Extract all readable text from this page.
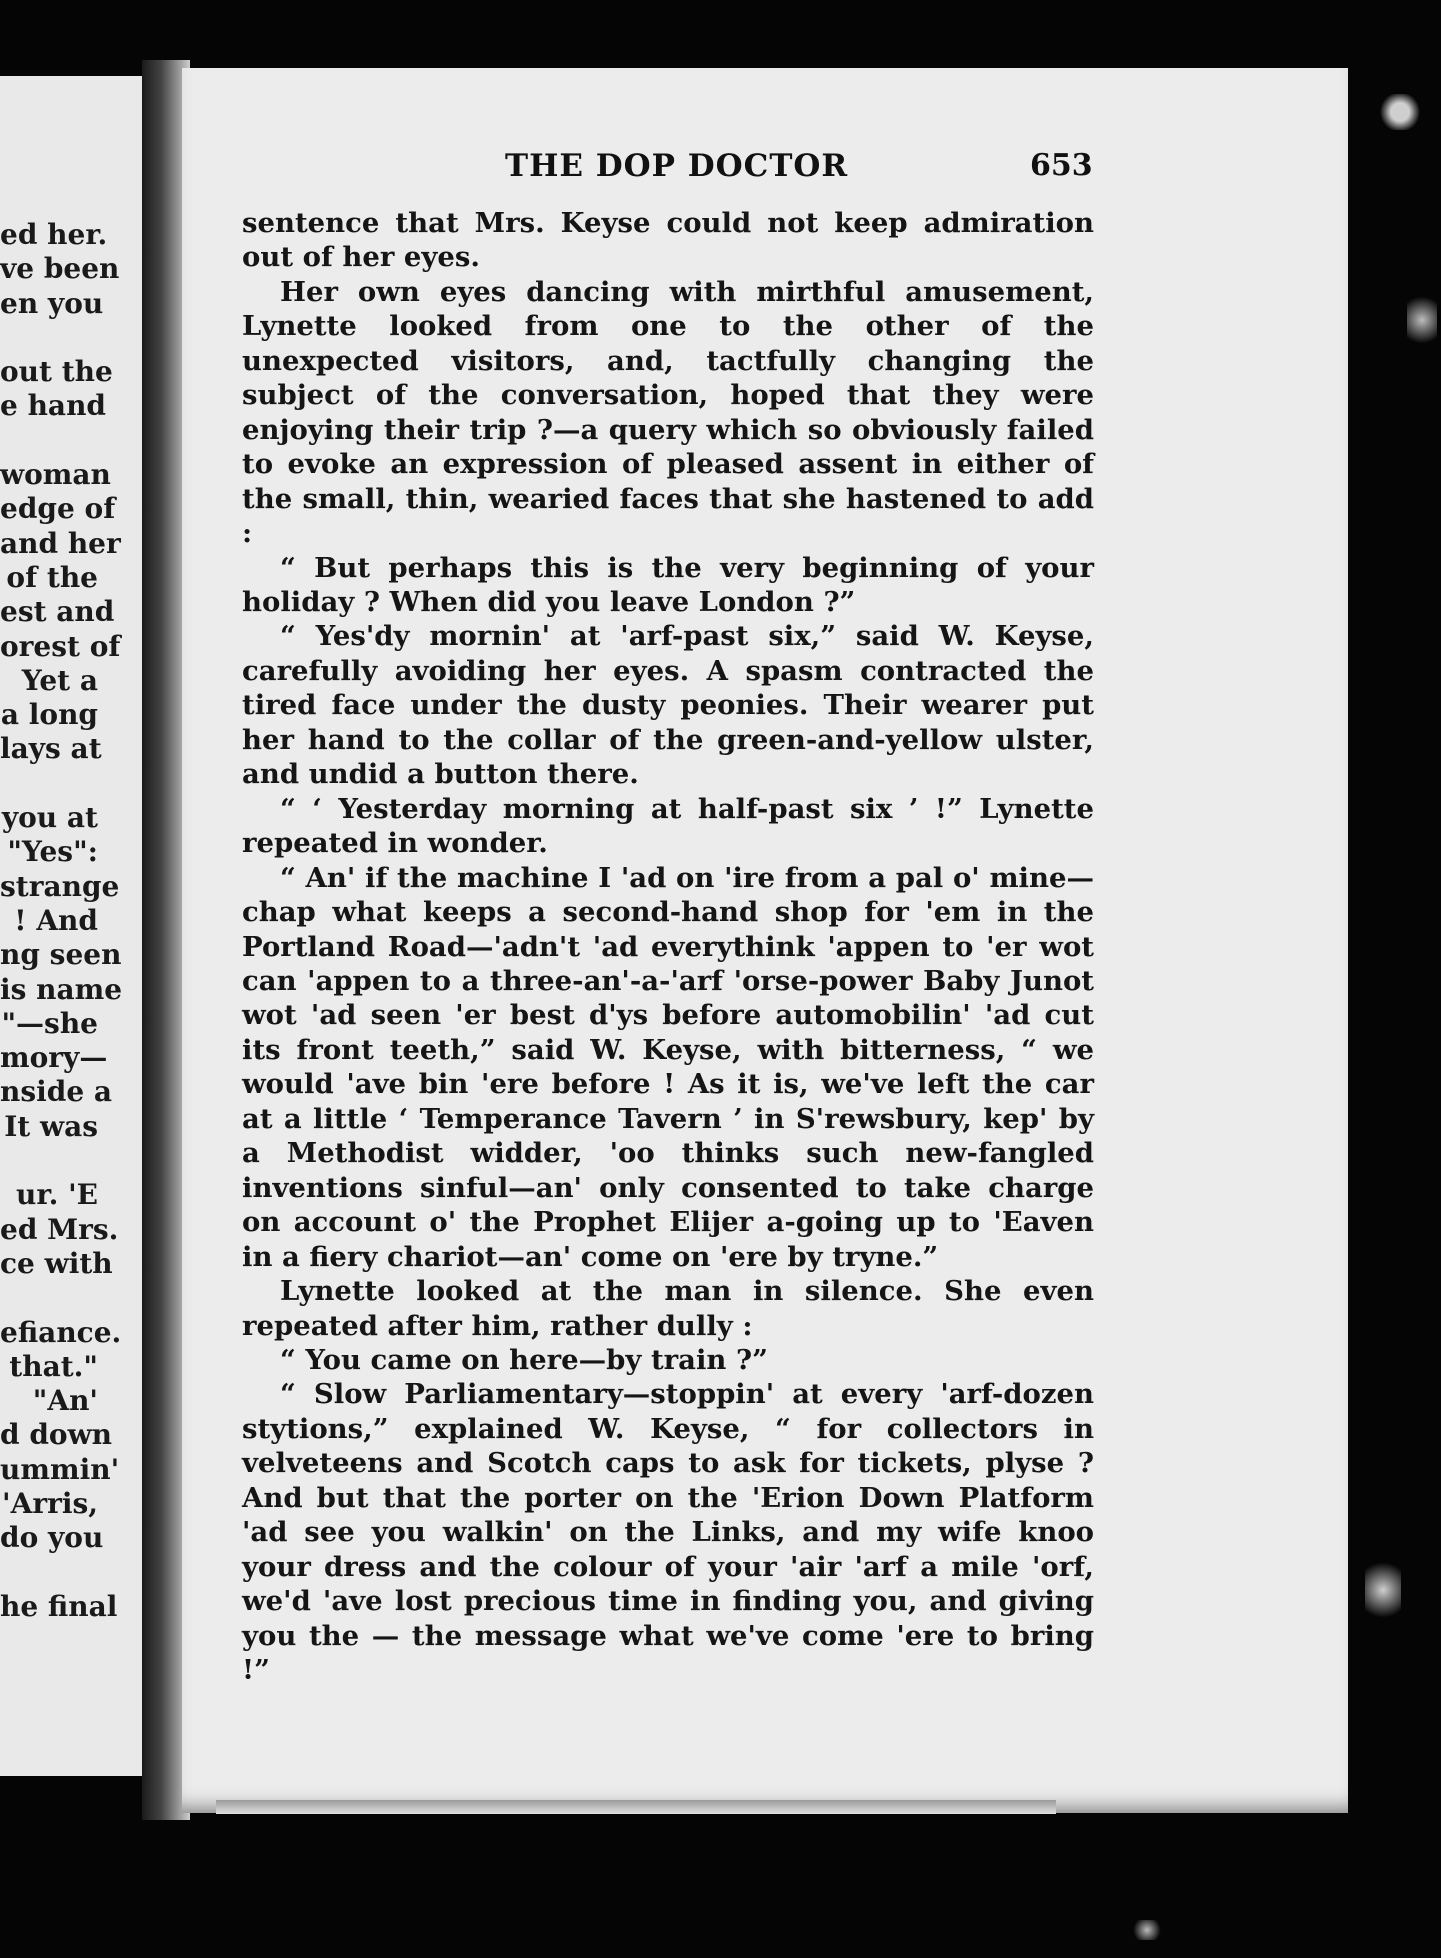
ed her.
ve been
en you
out the
e hand
woman
edge of
and her
of the
est and
orest of
Yet a
a long
lays at
you at
"Yes":
strange
! And
ng seen
is name
"—she
mory—
nside a
It was
ur. 'E
ed Mrs.
ce with
efiance.
that."
"An'
d down
ummin'
'Arris,
do you
he final
THE DOP DOCTOR	653

sentence that Mrs. Keyse could not keep admiration out of her eyes.

Her own eyes dancing with mirthful amusement, Lynette looked from one to the other of the unexpected visitors, and, tactfully changing the subject of the conversation, hoped that they were enjoying their trip ?—a query which so obviously failed to evoke an expression of pleased assent in either of the small, thin, wearied faces that she hastened to add :

“ But perhaps this is the very beginning of your holiday ? When did you leave London ?”

“ Yes'dy mornin' at 'arf-past six,” said W. Keyse, carefully avoiding her eyes. A spasm contracted the tired face under the dusty peonies. Their wearer put her hand to the collar of the green-and-yellow ulster, and undid a button there.

“ ‘ Yesterday morning at half-past six ’ !” Lynette repeated in wonder.

“ An' if the machine I 'ad on 'ire from a pal o' mine—chap what keeps a second-hand shop for 'em in the Portland Road—'adn't 'ad everythink 'appen to 'er wot can 'appen to a three-an'-a-'arf 'orse-power Baby Junot wot 'ad seen 'er best d'ys before automobilin' 'ad cut its front teeth,” said W. Keyse, with bitterness, “ we would 'ave bin 'ere before ! As it is, we've left the car at a little ‘ Temperance Tavern ’ in S'rewsbury, kep' by a Methodist widder, 'oo thinks such new-fangled inventions sinful—an' only consented to take charge on account o' the Prophet Elijer a-going up to 'Eaven in a fiery chariot—an' come on 'ere by tryne.”

Lynette looked at the man in silence. She even repeated after him, rather dully :

“ You came on here—by train ?”

“ Slow Parliamentary—stoppin' at every 'arf-dozen stytions,” explained W. Keyse, “ for collectors in velveteens and Scotch caps to ask for tickets, plyse ? And but that the porter on the 'Erion Down Platform 'ad see you walkin' on the Links, and my wife knoo your dress and the colour of your 'air 'arf a mile 'orf, we'd 'ave lost precious time in finding you, and giving you the — the message what we've come 'ere to bring !”
